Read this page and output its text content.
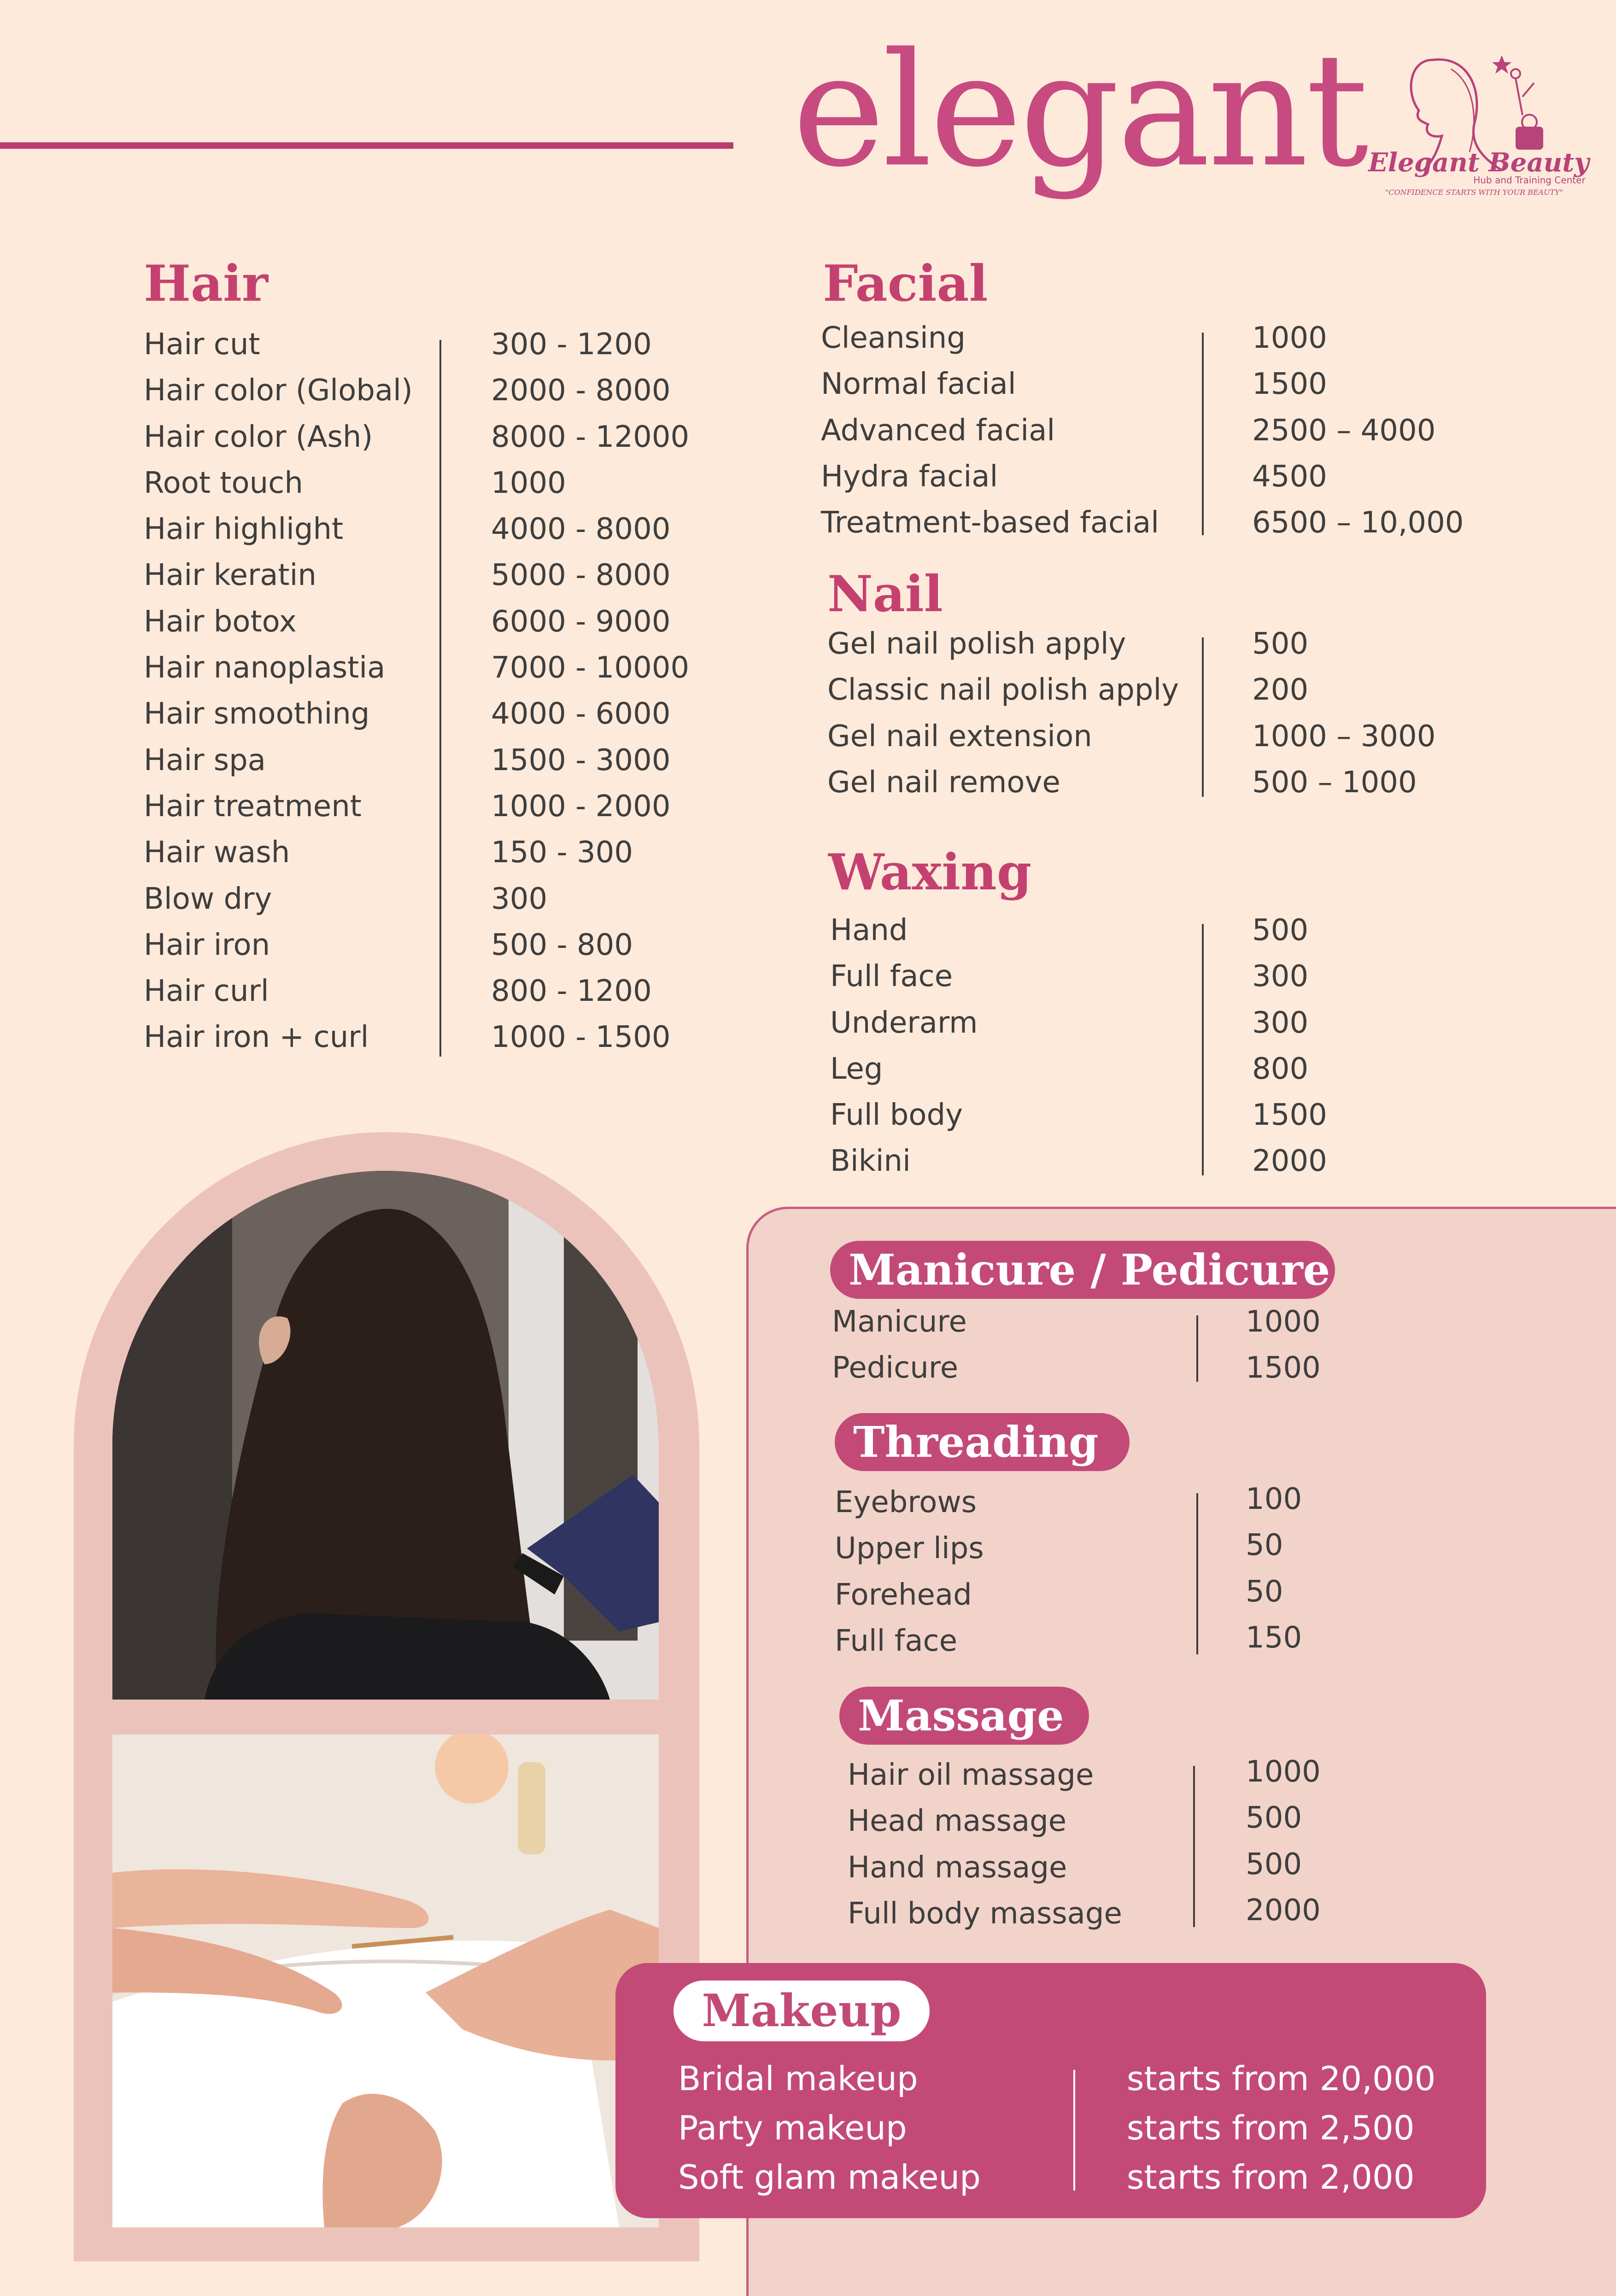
elegant Elegant Beauty
Hub and Training Center
"CONFIDENCE STARTS WITH YOUR BEAUTY"
Hair
Hair cut
Hair color (Global)
Hair color (Ash)
Root touch
Hair highlight
Hair keratin
Hair botox
Hair nanoplastia
Hair smoothing
Hair spa
Hair treatment
Hair wash
Blow dry
Hair iron
Hair curl
Hair iron + curl
300 - 1200
2000 - 8000
8000 - 12000
1000
4000 - 8000
5000 - 8000
6000 - 9000
7000 - 10000
4000 - 6000
1500 - 3000
1000 - 2000
150 - 300
300
500 - 800
800 - 1200
1000 - 1500
Facial
Cleansing
Normal facial
Advanced facial
Hydra facial
Treatment-based facial
1000
1500
2500 – 4000
4500
6500 – 10,000
Nail
Gel nail polish apply
Classic nail polish apply
Gel nail extension
Gel nail remove
500
200
1000 – 3000
500 – 1000
Waxing
Hand
Full face
Underarm
Leg
Full body
Bikini
500
300
300
800
1500
2000
Manicure / Pedicure
Manicure
Pedicure
1000
1500
Threading
Eyebrows
Upper lips
Forehead
Full face
100
50
50
150
Massage
Hair oil massage
Head massage
Hand massage
Full body massage
1000
500
500
2000
Makeup
Bridal makeup
Party makeup
Soft glam makeup
starts from 20,000
starts from 2,500
starts from 2,000
